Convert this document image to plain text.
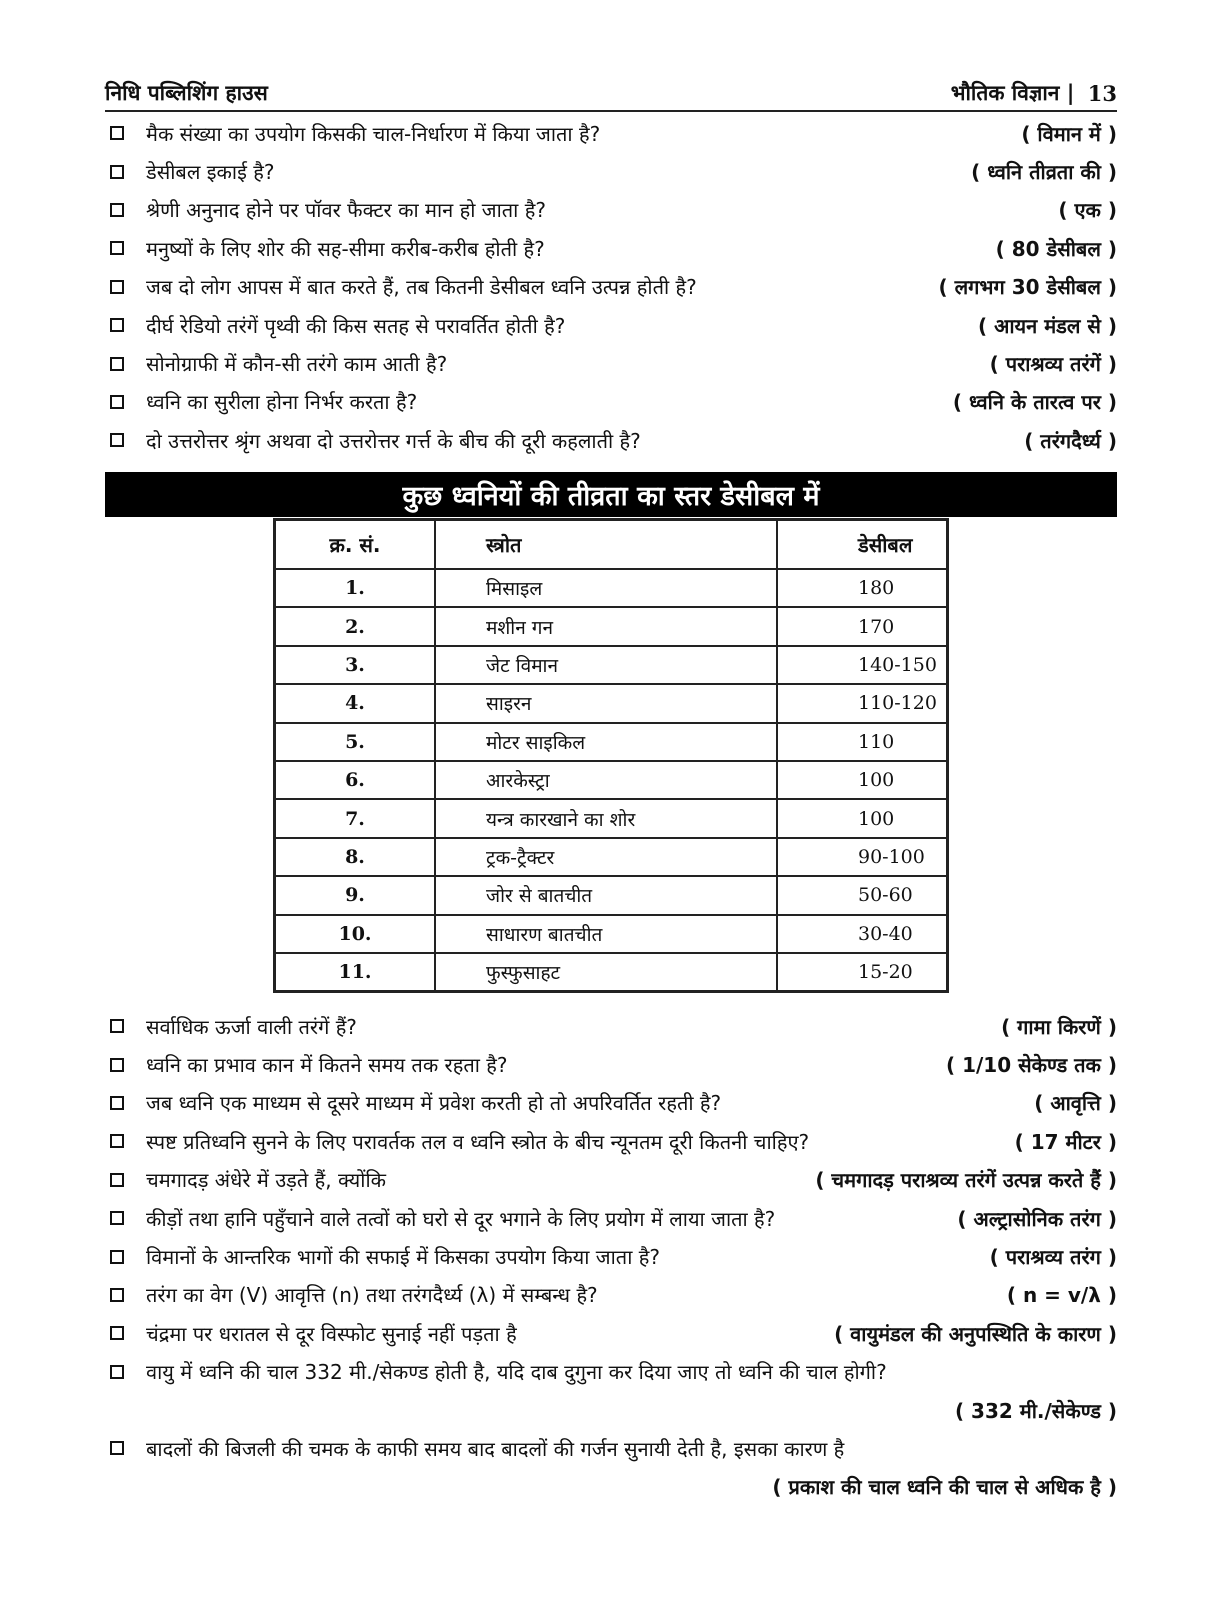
निधि पब्लिशिंग हाउस	भौतिक विज्ञान | 13
मैक संख्या का उपयोग किसकी चाल-निर्धारण में किया जाता है?	( विमान में )
डेसीबल इकाई है?	( ध्वनि तीव्रता की )
श्रेणी अनुनाद होने पर पॉवर फैक्टर का मान हो जाता है?	( एक )
मनुष्यों के लिए शोर की सह-सीमा करीब-करीब होती है?	( 80 डेसीबल )
जब दो लोग आपस में बात करते हैं, तब कितनी डेसीबल ध्वनि उत्पन्न होती है?	( लगभग 30 डेसीबल )
दीर्घ रेडियो तरंगें पृथ्वी की किस सतह से परावर्तित होती है?	( आयन मंडल से )
सोनोग्राफी में कौन-सी तरंगे काम आती है?	( पराश्रव्य तरंगें )
ध्वनि का सुरीला होना निर्भर करता है?	( ध्वनि के तारत्व पर )
दो उत्तरोत्तर श्रृंग अथवा दो उत्तरोत्तर गर्त्त के बीच की दूरी कहलाती है?	( तरंगदैर्ध्य )
कुछ ध्वनियों की तीव्रता का स्तर डेसीबल में
क्र. सं.	स्त्रोत	डेसीबल
1.	मिसाइल	180
2.	मशीन गन	170
3.	जेट विमान	140-150
4.	साइरन	110-120
5.	मोटर साइकिल	110
6.	आरकेस्ट्रा	100
7.	यन्त्र कारखाने का शोर	100
8.	ट्रक-ट्रैक्टर	90-100
9.	जोर से बातचीत	50-60
10.	साधारण बातचीत	30-40
11.	फुस्फुसाहट	15-20
सर्वाधिक ऊर्जा वाली तरंगें हैं?	( गामा किरणें )
ध्वनि का प्रभाव कान में कितने समय तक रहता है?	( 1/10 सेकेण्ड तक )
जब ध्वनि एक माध्यम से दूसरे माध्यम में प्रवेश करती हो तो अपरिवर्तित रहती है?	( आवृत्ति )
स्पष्ट प्रतिध्वनि सुनने के लिए परावर्तक तल व ध्वनि स्त्रोत के बीच न्यूनतम दूरी कितनी चाहिए?	( 17 मीटर )
चमगादड़ अंधेरे में उड़ते हैं, क्योंकि	( चमगादड़ पराश्रव्य तरंगें उत्पन्न करते हैं )
कीड़ों तथा हानि पहुँचाने वाले तत्वों को घरो से दूर भगाने के लिए प्रयोग में लाया जाता है?	( अल्ट्रासोनिक तरंग )
विमानों के आन्तरिक भागों की सफाई में किसका उपयोग किया जाता है?	( पराश्रव्य तरंग )
तरंग का वेग (V) आवृत्ति (n) तथा तरंगदैर्ध्य (λ) में सम्बन्ध है?	( n = v/λ )
चंद्रमा पर धरातल से दूर विस्फोट सुनाई नहीं पड़ता है	( वायुमंडल की अनुपस्थिति के कारण )
वायु में ध्वनि की चाल 332 मी./सेकण्ड होती है, यदि दाब दुगुना कर दिया जाए तो ध्वनि की चाल होगी?
( 332 मी./सेकेण्ड )
बादलों की बिजली की चमक के काफी समय बाद बादलों की गर्जन सुनायी देती है, इसका कारण है
( प्रकाश की चाल ध्वनि की चाल से अधिक है )
